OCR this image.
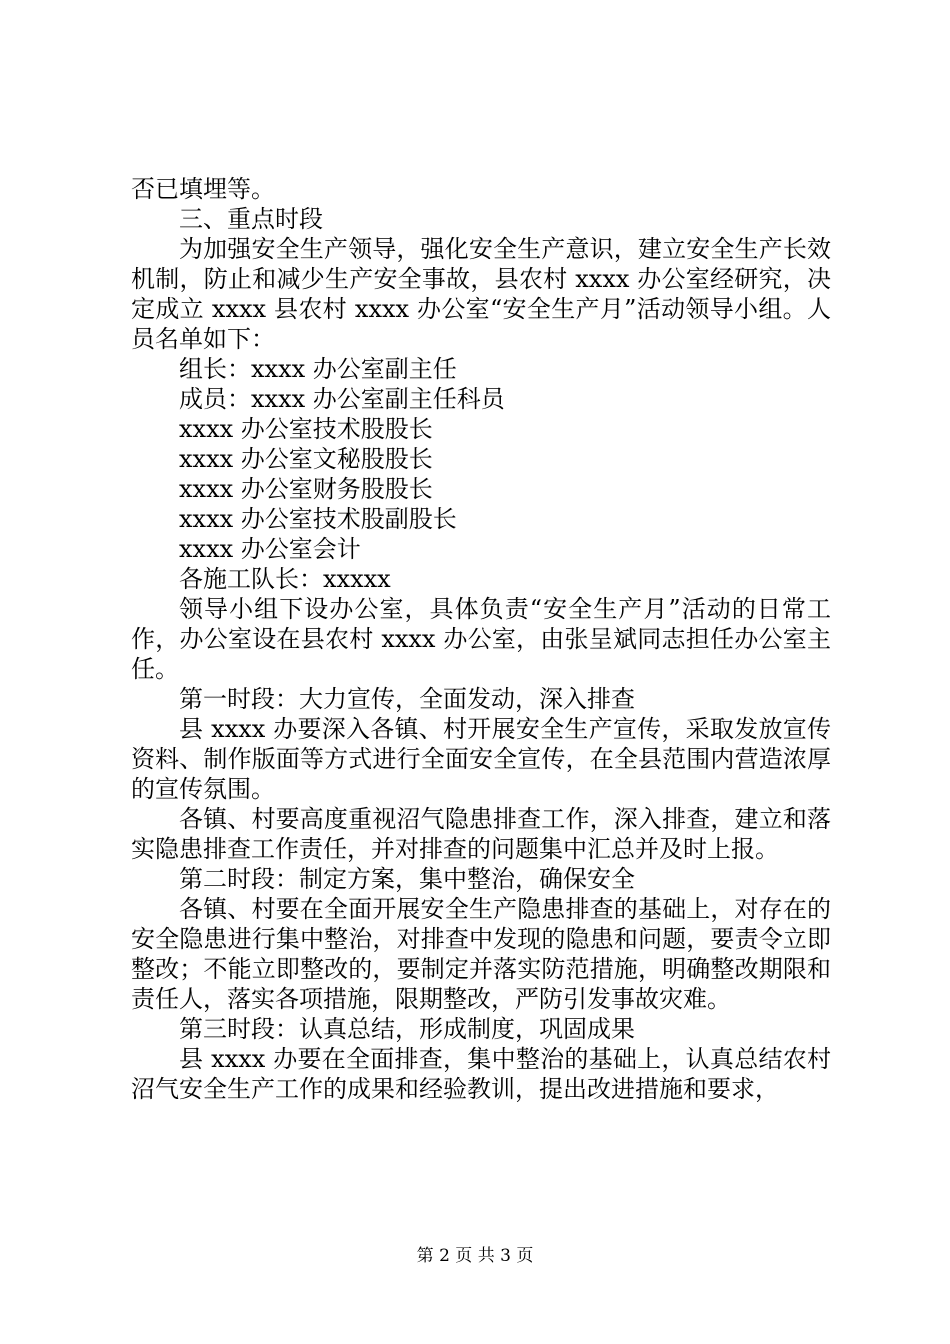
否已填埋等。

三、重点时段

为加强安全生产领导，强化安全生产意识，建立安全生产长效机制，防止和减少生产安全事故，县农村 xxxx 办公室经研究，决定成立 xxxx 县农村 xxxx 办公室“安全生产月”活动领导小组。人员名单如下：

组长：xxxx 办公室副主任

成员：xxxx 办公室副主任科员

xxxx 办公室技术股股长

xxxx 办公室文秘股股长

xxxx 办公室财务股股长

xxxx 办公室技术股副股长

xxxx 办公室会计

各施工队长：xxxxx

领导小组下设办公室，具体负责“安全生产月”活动的日常工作，办公室设在县农村 xxxx 办公室，由张呈斌同志担任办公室主任。

第一时段：大力宣传，全面发动，深入排查

县 xxxx 办要深入各镇、村开展安全生产宣传，采取发放宣传资料、制作版面等方式进行全面安全宣传，在全县范围内营造浓厚的宣传氛围。

各镇、村要高度重视沼气隐患排查工作，深入排查，建立和落实隐患排查工作责任，并对排查的问题集中汇总并及时上报。

第二时段：制定方案，集中整治，确保安全

各镇、村要在全面开展安全生产隐患排查的基础上，对存在的安全隐患进行集中整治，对排查中发现的隐患和问题，要责令立即整改；不能立即整改的，要制定并落实防范措施，明确整改期限和责任人，落实各项措施，限期整改，严防引发事故灾难。

第三时段：认真总结，形成制度，巩固成果

县 xxxx 办要在全面排查，集中整治的基础上，认真总结农村沼气安全生产工作的成果和经验教训，提出改进措施和要求，

第 2 页 共 3 页
